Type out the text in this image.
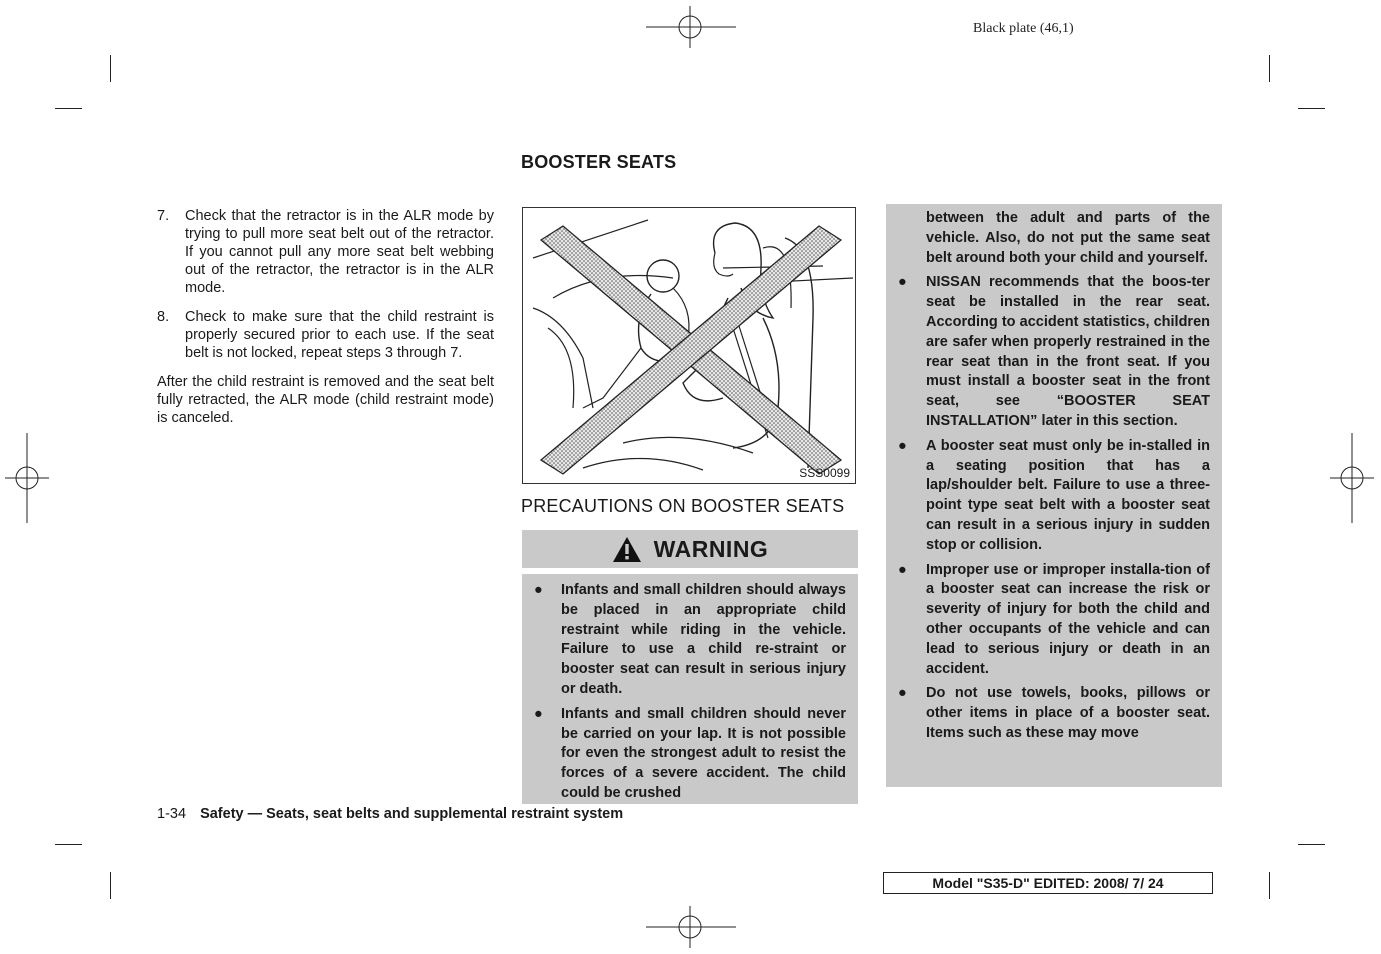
Black plate (46,1)
BOOSTER SEATS
7.	Check that the retractor is in the ALR mode by trying to pull more seat belt out of the retractor. If you cannot pull any more seat belt webbing out of the retractor, the retractor is in the ALR mode.
8.	Check to make sure that the child restraint is properly secured prior to each use. If the seat belt is not locked, repeat steps 3 through 7.
After the child restraint is removed and the seat belt fully retracted, the ALR mode (child restraint mode) is canceled.
SSS0099
PRECAUTIONS ON BOOSTER SEATS
WARNING
● Infants and small children should always be placed in an appropriate child restraint while riding in the vehicle. Failure to use a child re-straint or booster seat can result in serious injury or death.
● Infants and small children should never be carried on your lap. It is not possible for even the strongest adult to resist the forces of a severe accident. The child could be crushed
between the adult and parts of the vehicle. Also, do not put the same seat belt around both your child and yourself.
● NISSAN recommends that the boos-ter seat be installed in the rear seat. According to accident statistics, children are safer when properly restrained in the rear seat than in the front seat. If you must install a booster seat in the front seat, see “BOOSTER SEAT INSTALLATION” later in this section.
● A booster seat must only be in-stalled in a seating position that has a lap/shoulder belt. Failure to use a three-point type seat belt with a booster seat can result in a serious injury in sudden stop or collision.
● Improper use or improper installa-tion of a booster seat can increase the risk or severity of injury for both the child and other occupants of the vehicle and can lead to serious injury or death in an accident.
● Do not use towels, books, pillows or other items in place of a booster seat. Items such as these may move
1-34 Safety — Seats, seat belts and supplemental restraint system
Model "S35-D" EDITED: 2008/ 7/ 24
